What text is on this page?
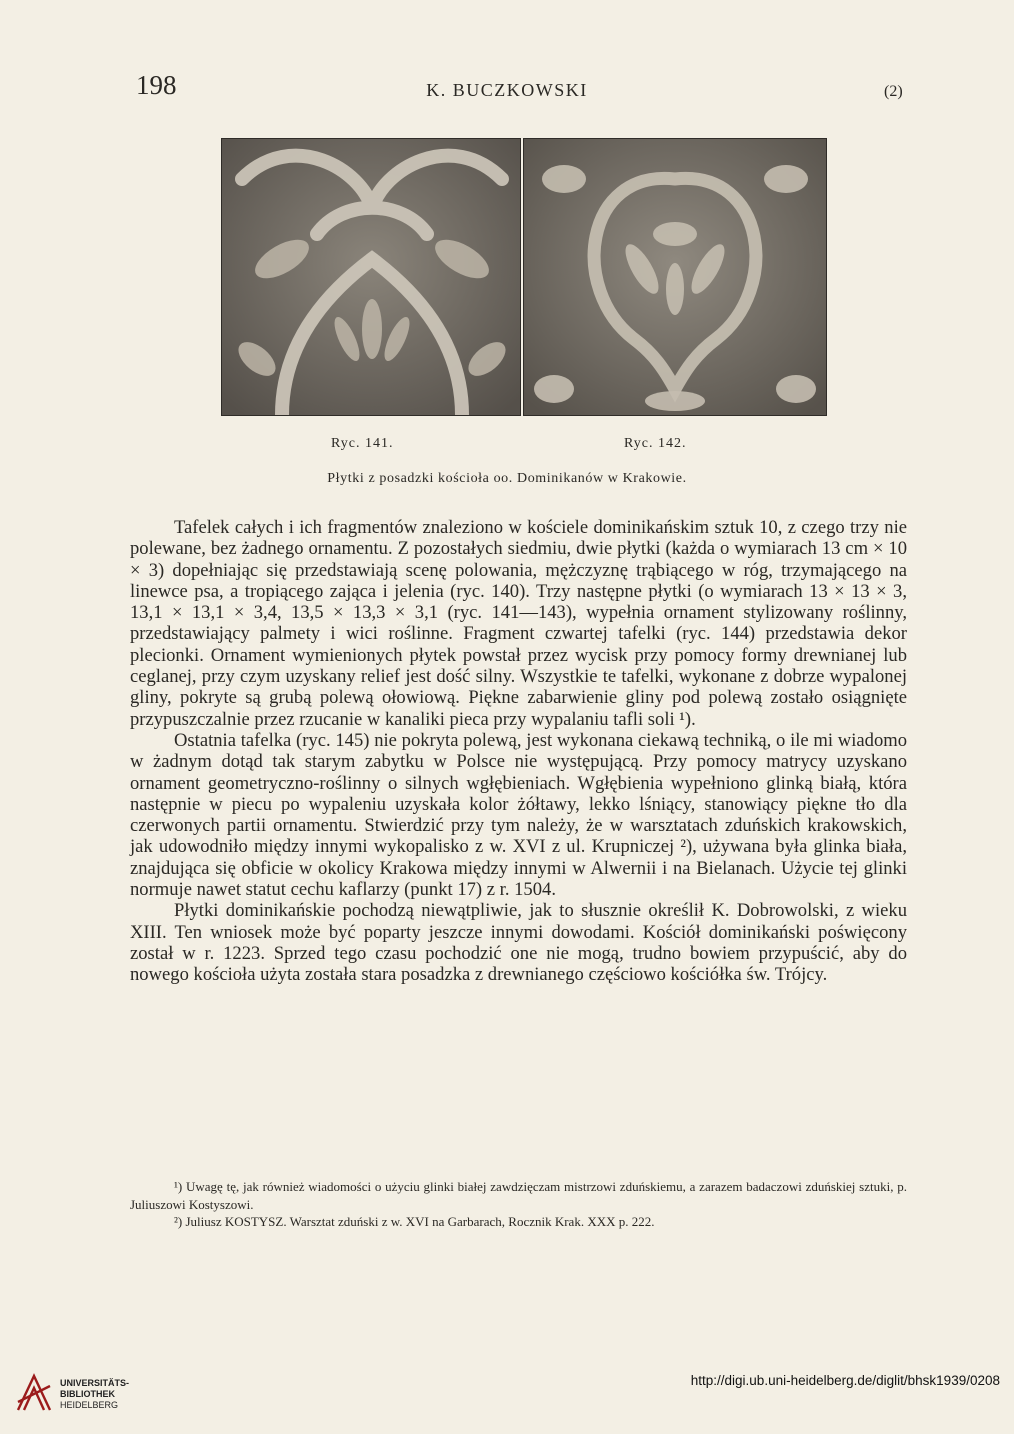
198	K. BUCZKOWSKI	(2)
Ryc. 141.	Ryc. 142.
Płytki z posadzki kościoła oo. Dominikanów w Krakowie.

Tafelek całych i ich fragmentów znaleziono w kościele dominikańskim sztuk 10, z czego trzy nie polewane, bez żadnego ornamentu. Z pozostałych siedmiu, dwie płytki (każda o wymiarach 13 cm × 10 × 3) dopełniając się przedstawiają scenę polowania, mężczyznę trąbiącego w róg, trzymającego na linewce psa, a tropiącego zająca i jelenia (ryc. 140). Trzy następne płytki (o wymiarach 13 × 13 × 3, 13,1 × 13,1 × 3,4, 13,5 × 13,3 × 3,1 (ryc. 141—143), wypełnia ornament stylizowany roślinny, przedstawiający palmety i wici roślinne. Fragment czwartej tafelki (ryc. 144) przedstawia dekor plecionki. Ornament wymienionych płytek powstał przez wycisk przy pomocy formy drewnianej lub ceglanej, przy czym uzyskany relief jest dość silny. Wszystkie te tafelki, wykonane z dobrze wypalonej gliny, pokryte są grubą polewą ołowiową. Piękne zabarwienie gliny pod polewą zostało osiągnięte przypuszczalnie przez rzucanie w kanaliki pieca przy wypalaniu tafli soli ¹).

Ostatnia tafelka (ryc. 145) nie pokryta polewą, jest wykonana ciekawą techniką, o ile mi wiadomo w żadnym dotąd tak starym zabytku w Polsce nie występującą. Przy pomocy matrycy uzyskano ornament geometryczno-roślinny o silnych wgłębieniach. Wgłębienia wypełniono glinką białą, która następnie w piecu po wypaleniu uzyskała kolor żółtawy, lekko lśniący, stanowiący piękne tło dla czerwonych partii ornamentu. Stwierdzić przy tym należy, że w warsztatach zduńskich krakowskich, jak udowodniło między innymi wykopalisko z w. XVI z ul. Krupniczej ²), używana była glinka biała, znajdująca się obficie w okolicy Krakowa między innymi w Alwernii i na Bielanach. Użycie tej glinki normuje nawet statut cechu kaflarzy (punkt 17) z r. 1504.

Płytki dominikańskie pochodzą niewątpliwie, jak to słusznie określił K. Dobrowolski, z wieku XIII. Ten wniosek może być poparty jeszcze innymi dowodami. Kościół dominikański poświęcony został w r. 1223. Sprzed tego czasu pochodzić one nie mogą, trudno bowiem przypuścić, aby do nowego kościoła użyta została stara posadzka z drewnianego częściowo kościółka św. Trójcy.

¹) Uwagę tę, jak również wiadomości o użyciu glinki białej zawdzięczam mistrzowi zduńskiemu, a zarazem badaczowi zduńskiej sztuki, p. Juliuszowi Kostyszowi.

²) Juliusz KOSTYSZ. Warsztat zduński z w. XVI na Garbarach, Rocznik Krak. XXX p. 222.

UNIVERSITÄTS-
BIBLIOTHEK
HEIDELBERG
http://digi.ub.uni-heidelberg.de/diglit/bhsk1939/0208
